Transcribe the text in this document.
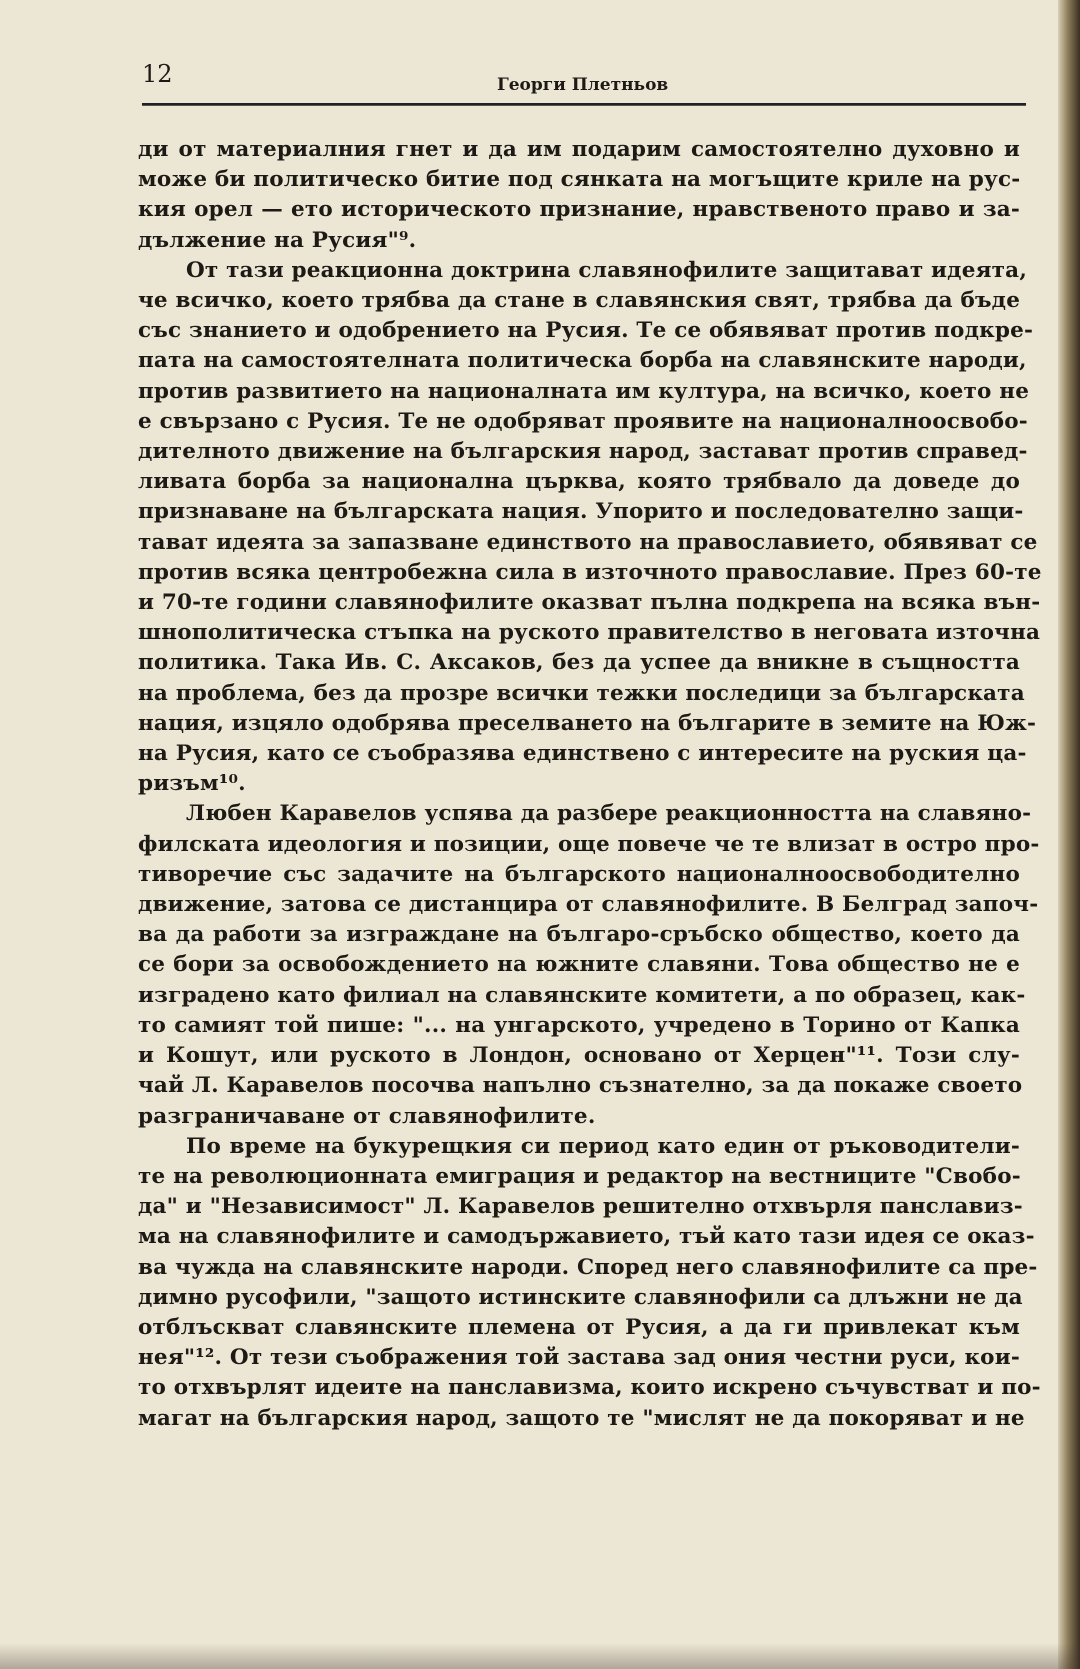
12	Георги Плетньов
ди от материалния гнет и да им подарим самостоятелно духовно и
може би политическо битие под сянката на могъщите криле на рус-
кия орел — ето историческото признание, нравственото право и за-
дължение на Русия"⁹.
От тази реакционна доктрина славянофилите защитават идеята,
че всичко, което трябва да стане в славянския свят, трябва да бъде
със знанието и одобрението на Русия. Те се обявяват против подкре-
пата на самостоятелната политическа борба на славянските народи,
против развитието на националната им култура, на всичко, което не
е свързано с Русия. Те не одобряват проявите на националноосвобо-
дителното движение на българския народ, застават против справед-
ливата борба за национална църква, която трябвало да доведе до
признаване на българската нация. Упорито и последователно защи-
тават идеята за запазване единството на православието, обявяват се
против всяка центробежна сила в източното православие. През 60-те
и 70-те години славянофилите оказват пълна подкрепа на всяка вън-
шнополитическа стъпка на руското правителство в неговата източна
политика. Така Ив. С. Аксаков, без да успее да вникне в същността
на проблема, без да прозре всички тежки последици за българската
нация, изцяло одобрява преселването на българите в земите на Юж-
на Русия, като се съобразява единствено с интересите на руския ца-
ризъм¹⁰.
Любен Каравелов успява да разбере реакционността на славяно-
филската идеология и позиции, още повече че те влизат в остро про-
тиворечие със задачите на българското националноосвободително
движение, затова се дистанцира от славянофилите. В Белград започ-
ва да работи за изграждане на българо-сръбско общество, което да
се бори за освобождението на южните славяни. Това общество не е
изградено като филиал на славянските комитети, а по образец, как-
то самият той пише: "... на унгарското, учредено в Торино от Капка
и Кошут, или руското в Лондон, основано от Херцен"¹¹. Този слу-
чай Л. Каравелов посочва напълно съзнателно, за да покаже своето
разграничаване от славянофилите.
По време на букурещкия си период като един от ръководители-
те на революционната емиграция и редактор на вестниците "Свобо-
да" и "Независимост" Л. Каравелов решително отхвърля панславиз-
ма на славянофилите и самодържавието, тъй като тази идея се оказ-
ва чужда на славянските народи. Според него славянофилите са пре-
димно русофили, "защото истинските славянофили са длъжни не да
отблъскват славянските племена от Русия, а да ги привлекат към
нея"¹². От тези съображения той застава зад ония честни руси, кои-
то отхвърлят идеите на панславизма, които искрено съчувстват и по-
магат на българския народ, защото те "мислят не да покоряват и не
